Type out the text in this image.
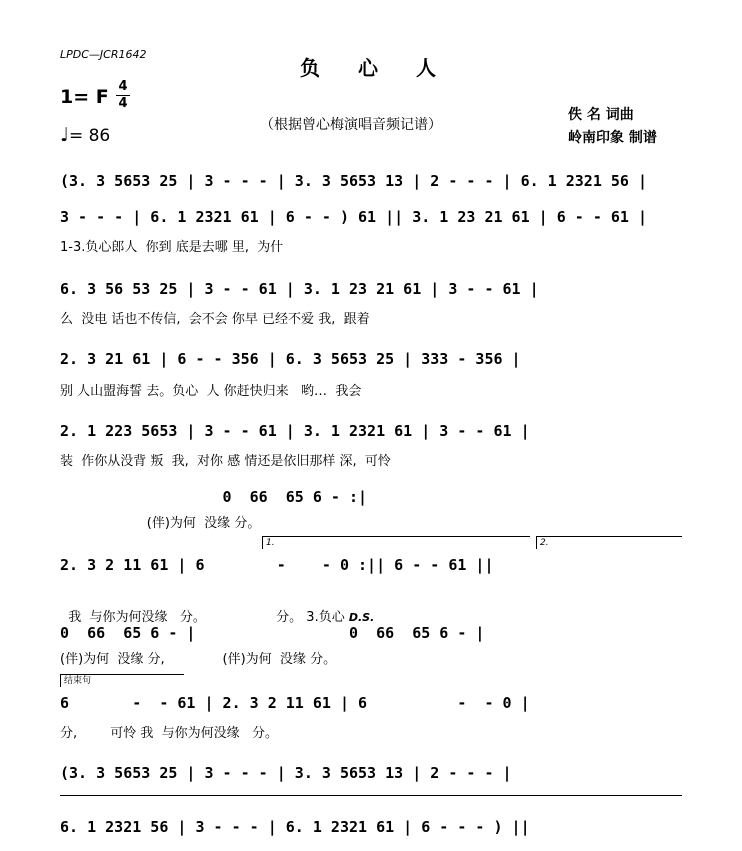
LPDC—JCR1642
负心人
1= F 4
4
♩= 86
（根据曾心梅演唱音频记谱）
佚 名 词曲
岭南印象 制谱
(3. 3 5653 25 | 3 - - - | 3. 3 5653 13 | 2 - - - | 6. 1 2321 56 |
3 - - - | 6. 1 2321 61 | 6 - - ) 61 || 3. 1 23 21 61 | 6 - - 61 |
1-3.负心郎人  你到 底是去哪 里,  为什
6. 3 56 53 25 | 3 - - 61 | 3. 1 23 21 61 | 3 - - 61 |
么  没电 话也不传信,  会不会 你早 已经不爱 我,  跟着
2. 3 21 61 | 6 - - 356 | 6. 3 5653 25 | 333 - 356 |
别 人山盟海誓 去。负心  人 你赶快归来   哟…  我会
2. 1 223 5653 | 3 - - 61 | 3. 1 2321 61 | 3 - - 61 |
装  作你从没背 叛  我,  对你 感 情还是依旧那样 深,  可怜
0  66  65 6 - :|
(伴)为何  没缘 分。
1.	2.
2. 3 2 11 61 | 6        -    - 0 :|| 6 - - 61 ||

我  与你为何没缘   分。                 分。 3.负心 D.S.

0  66  65 6 - |                 0  66  65 6 - |
(伴)为何  没缘 分,              (伴)为何  没缘 分。
结束句
6       -  - 61 | 2. 3 2 11 61 | 6          -  - 0 |
分,        可怜 我  与你为何没缘   分。
(3. 3 5653 25 | 3 - - - | 3. 3 5653 13 | 2 - - - |
6. 1 2321 56 | 3 - - - | 6. 1 2321 61 | 6 - - - ) ||
